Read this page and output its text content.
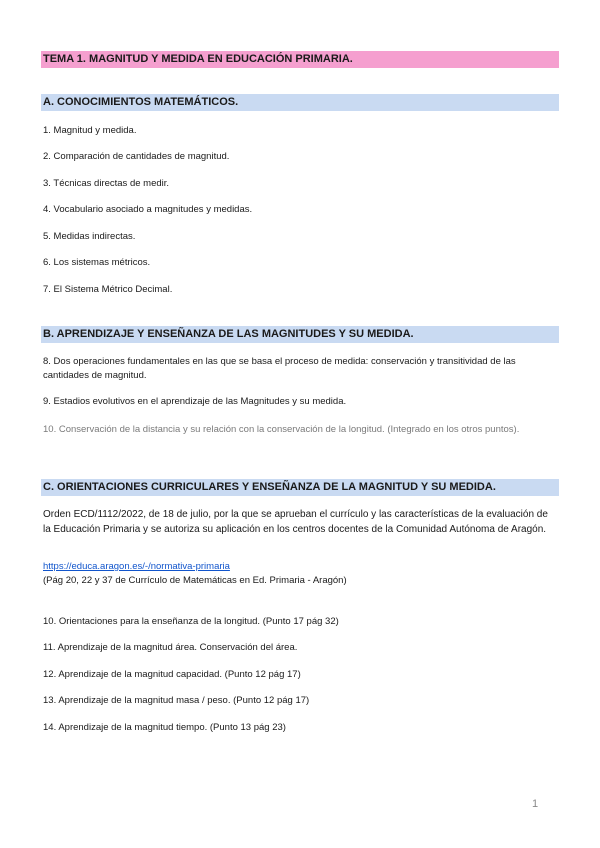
TEMA 1. MAGNITUD Y MEDIDA EN EDUCACIÓN PRIMARIA.
A. CONOCIMIENTOS MATEMÁTICOS.
1. Magnitud y medida.
2. Comparación de cantidades de magnitud.
3. Técnicas directas de medir.
4. Vocabulario asociado a magnitudes y medidas.
5. Medidas indirectas.
6. Los sistemas métricos.
7. El Sistema Métrico Decimal.
B. APRENDIZAJE Y ENSEÑANZA DE LAS MAGNITUDES Y SU MEDIDA.
8. Dos operaciones fundamentales en las que se basa el proceso de medida: conservación y transitividad de las cantidades de magnitud.
9. Estadios evolutivos en el aprendizaje de las Magnitudes y su medida.
10. Conservación de la distancia y su relación con la conservación de la longitud. (Integrado en los otros puntos).
C. ORIENTACIONES CURRICULARES Y ENSEÑANZA DE LA MAGNITUD Y SU MEDIDA.
Orden ECD/1112/2022, de 18 de julio, por la que se aprueban el currículo y las características de la evaluación de la Educación Primaria y se autoriza su aplicación en los centros docentes de la Comunidad Autónoma de Aragón.
https://educa.aragon.es/-/normativa-primaria
(Pág 20, 22 y 37 de Currículo de Matemáticas en Ed. Primaria - Aragón)
10. Orientaciones para la enseñanza de la longitud. (Punto 17 pág 32)
11. Aprendizaje de la magnitud área. Conservación del área.
12. Aprendizaje de la magnitud capacidad. (Punto 12 pág 17)
13. Aprendizaje de la magnitud masa / peso. (Punto 12 pág 17)
14. Aprendizaje de la magnitud tiempo. (Punto 13 pág 23)
1
